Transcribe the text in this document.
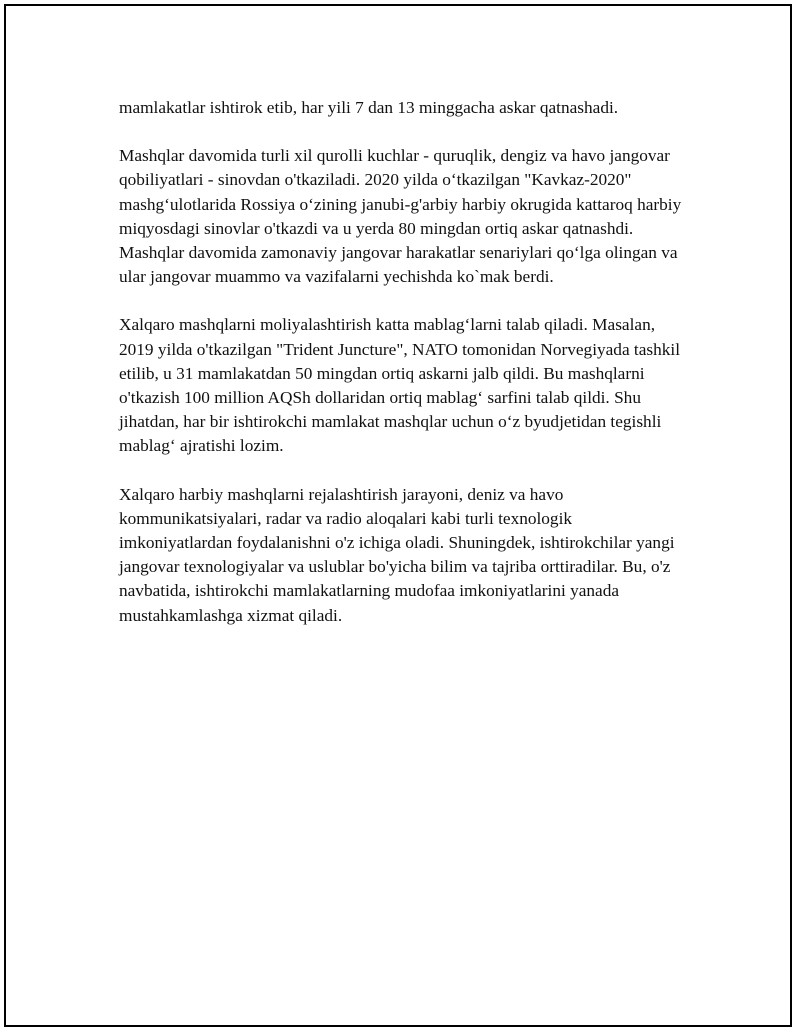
mamlakatlar ishtirok etib, har yili 7 dan 13 minggacha askar qatnashadi.

Mashqlar davomida turli xil qurolli kuchlar - quruqlik, dengiz va havo jangovar qobiliyatlari - sinovdan o'tkaziladi. 2020 yilda o‘tkazilgan "Kavkaz-2020" mashg‘ulotlarida Rossiya o‘zining janubi-g'arbiy harbiy okrugida kattaroq harbiy miqyosdagi sinovlar o'tkazdi va u yerda 80 mingdan ortiq askar qatnashdi. Mashqlar davomida zamonaviy jangovar harakatlar senariylari qo‘lga olingan va ular jangovar muammo va vazifalarni yechishda ko`mak berdi.

Xalqaro mashqlarni moliyalashtirish katta mablag‘larni talab qiladi. Masalan, 2019 yilda o'tkazilgan "Trident Juncture", NATO tomonidan Norvegiyada tashkil etilib, u 31 mamlakatdan 50 mingdan ortiq askarni jalb qildi. Bu mashqlarni o'tkazish 100 million AQSh dollaridan ortiq mablag‘ sarfini talab qildi. Shu jihatdan, har bir ishtirokchi mamlakat mashqlar uchun o‘z byudjetidan tegishli mablag‘ ajratishi lozim.

Xalqaro harbiy mashqlarni rejalashtirish jarayoni, deniz va havo kommunikatsiyalari, radar va radio aloqalari kabi turli texnologik imkoniyatlardan foydalanishni o'z ichiga oladi. Shuningdek, ishtirokchilar yangi jangovar texnologiyalar va uslublar bo'yicha bilim va tajriba orttiradilar. Bu, o'z navbatida, ishtirokchi mamlakatlarning mudofaa imkoniyatlarini yanada mustahkamlashga xizmat qiladi.
